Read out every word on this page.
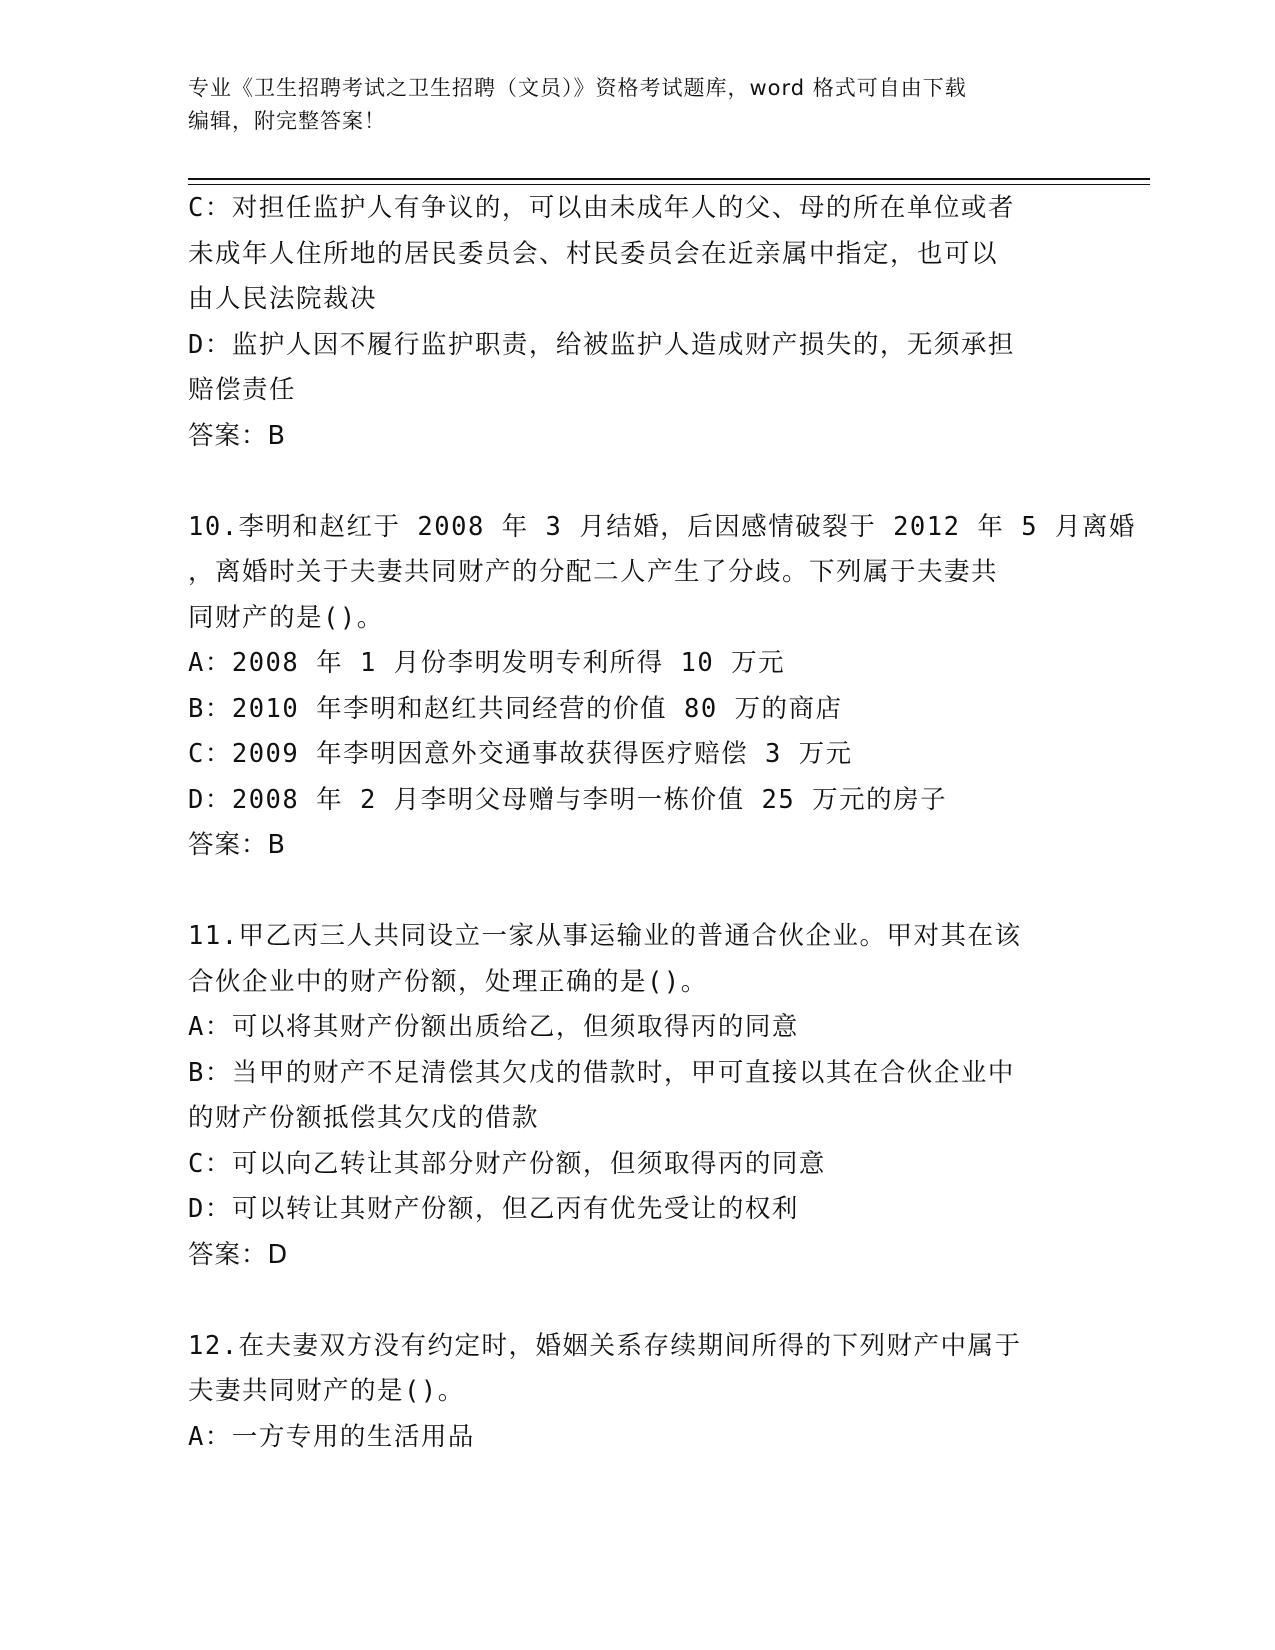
专业《卫生招聘考试之卫生招聘（文员）》资格考试题库，word 格式可自由下载
编辑，附完整答案！
C：对担任监护人有争议的，可以由未成年人的父、母的所在单位或者
未成年人住所地的居民委员会、村民委员会在近亲属中指定，也可以
由人民法院裁决
D：监护人因不履行监护职责，给被监护人造成财产损失的，无须承担
赔偿责任
答案：B
10.李明和赵红于 2008 年 3 月结婚，后因感情破裂于 2012 年 5 月离婚
，离婚时关于夫妻共同财产的分配二人产生了分歧。下列属于夫妻共
同财产的是()。
A：2008 年 1 月份李明发明专利所得 10 万元
B：2010 年李明和赵红共同经营的价值 80 万的商店
C：2009 年李明因意外交通事故获得医疗赔偿 3 万元
D：2008 年 2 月李明父母赠与李明一栋价值 25 万元的房子
答案：B
11.甲乙丙三人共同设立一家从事运输业的普通合伙企业。甲对其在该
合伙企业中的财产份额，处理正确的是()。
A：可以将其财产份额出质给乙，但须取得丙的同意
B：当甲的财产不足清偿其欠戊的借款时，甲可直接以其在合伙企业中
的财产份额抵偿其欠戊的借款
C：可以向乙转让其部分财产份额，但须取得丙的同意
D：可以转让其财产份额，但乙丙有优先受让的权利
答案：D
12.在夫妻双方没有约定时，婚姻关系存续期间所得的下列财产中属于
夫妻共同财产的是()。
A：一方专用的生活用品
